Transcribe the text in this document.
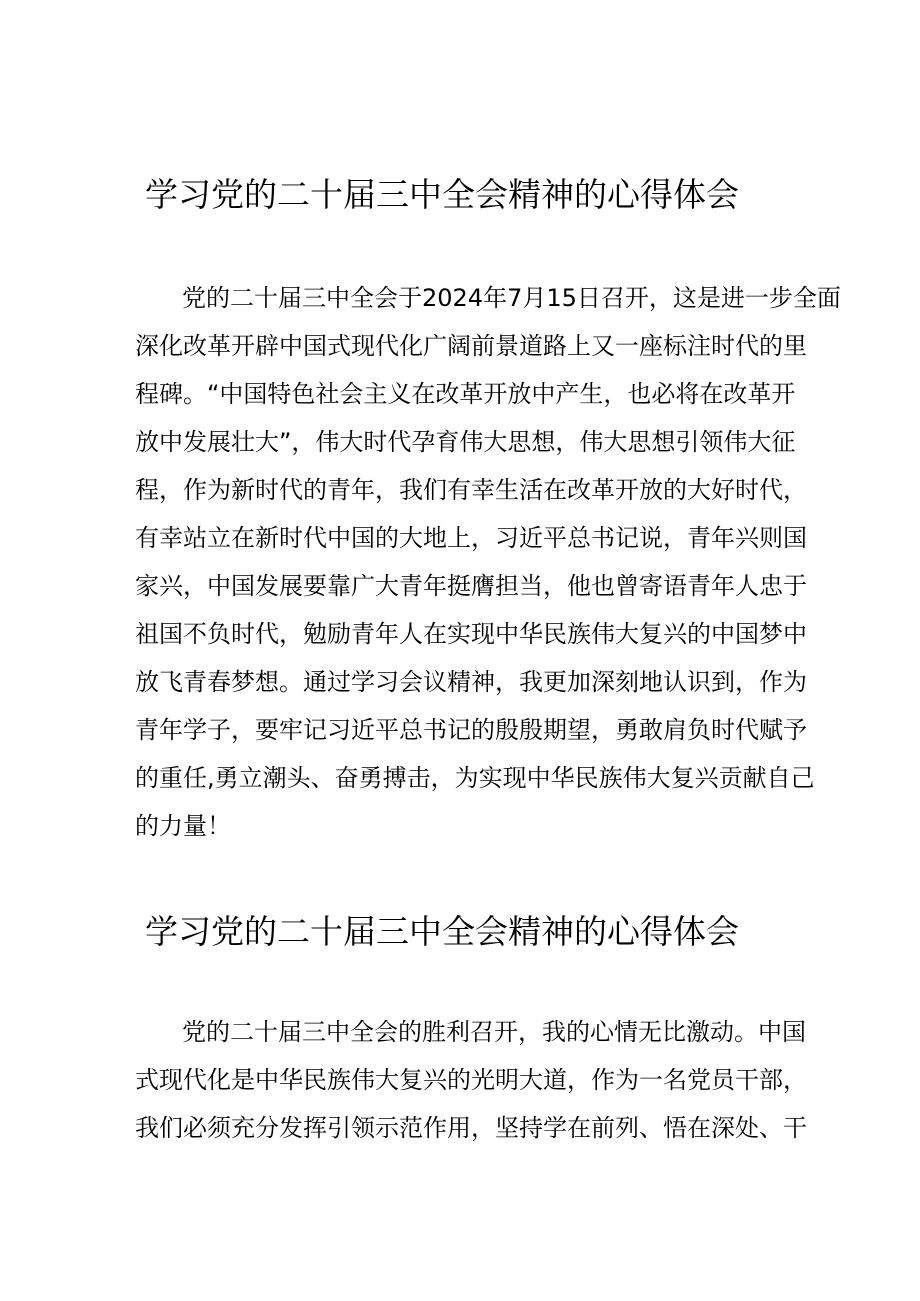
学习党的二十届三中全会精神的心得体会

党的二十届三中全会于2024年7月15日召开，这是进一步全面

深化改革开辟中国式现代化广阔前景道路上又一座标注时代的里

程碑。“中国特色社会主义在改革开放中产生，也必将在改革开

放中发展壮大”，伟大时代孕育伟大思想，伟大思想引领伟大征

程，作为新时代的青年，我们有幸生活在改革开放的大好时代，

有幸站立在新时代中国的大地上，习近平总书记说，青年兴则国

家兴，中国发展要靠广大青年挺膺担当，他也曾寄语青年人忠于

祖国不负时代，勉励青年人在实现中华民族伟大复兴的中国梦中

放飞青春梦想。通过学习会议精神，我更加深刻地认识到，作为

青年学子，要牢记习近平总书记的殷殷期望，勇敢肩负时代赋予

的重任,勇立潮头、奋勇搏击，为实现中华民族伟大复兴贡献自己

的力量！

学习党的二十届三中全会精神的心得体会

党的二十届三中全会的胜利召开，我的心情无比激动。中国

式现代化是中华民族伟大复兴的光明大道，作为一名党员干部，

我们必须充分发挥引领示范作用，坚持学在前列、悟在深处、干
